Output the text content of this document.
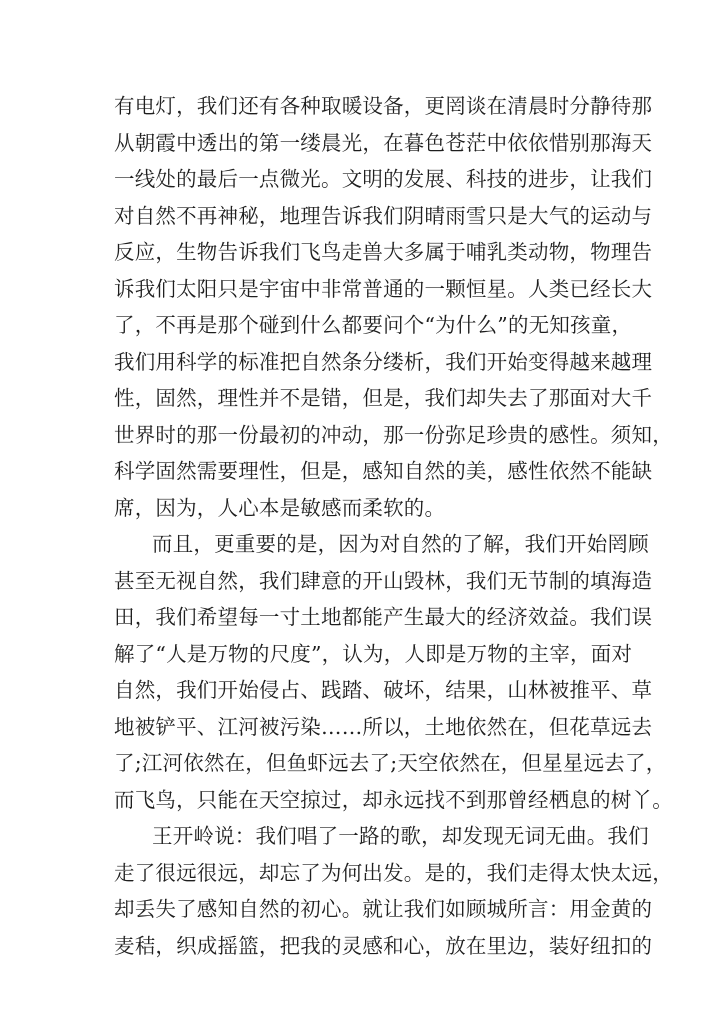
有电灯，我们还有各种取暖设备，更罔谈在清晨时分静待那
从朝霞中透出的第一缕晨光，在暮色苍茫中依依惜别那海天
一线处的最后一点微光。文明的发展、科技的进步，让我们
对自然不再神秘，地理告诉我们阴晴雨雪只是大气的运动与
反应，生物告诉我们飞鸟走兽大多属于哺乳类动物，物理告
诉我们太阳只是宇宙中非常普通的一颗恒星。人类已经长大
了，不再是那个碰到什么都要问个“为什么”的无知孩童，
我们用科学的标准把自然条分缕析，我们开始变得越来越理
性，固然，理性并不是错，但是，我们却失去了那面对大千
世界时的那一份最初的冲动，那一份弥足珍贵的感性。须知，
科学固然需要理性，但是，感知自然的美，感性依然不能缺
席，因为，人心本是敏感而柔软的。
而且，更重要的是，因为对自然的了解，我们开始罔顾
甚至无视自然，我们肆意的开山毁林，我们无节制的填海造
田，我们希望每一寸土地都能产生最大的经济效益。我们误
解了“人是万物的尺度”，认为，人即是万物的主宰，面对
自然，我们开始侵占、践踏、破坏，结果，山林被推平、草
地被铲平、江河被污染……所以，土地依然在，但花草远去
了;江河依然在，但鱼虾远去了;天空依然在，但星星远去了，
而飞鸟，只能在天空掠过，却永远找不到那曾经栖息的树丫。
王开岭说：我们唱了一路的歌，却发现无词无曲。我们
走了很远很远，却忘了为何出发。是的，我们走得太快太远，
却丢失了感知自然的初心。就让我们如顾城所言：用金黄的
麦秸，织成摇篮，把我的灵感和心，放在里边，装好纽扣的
